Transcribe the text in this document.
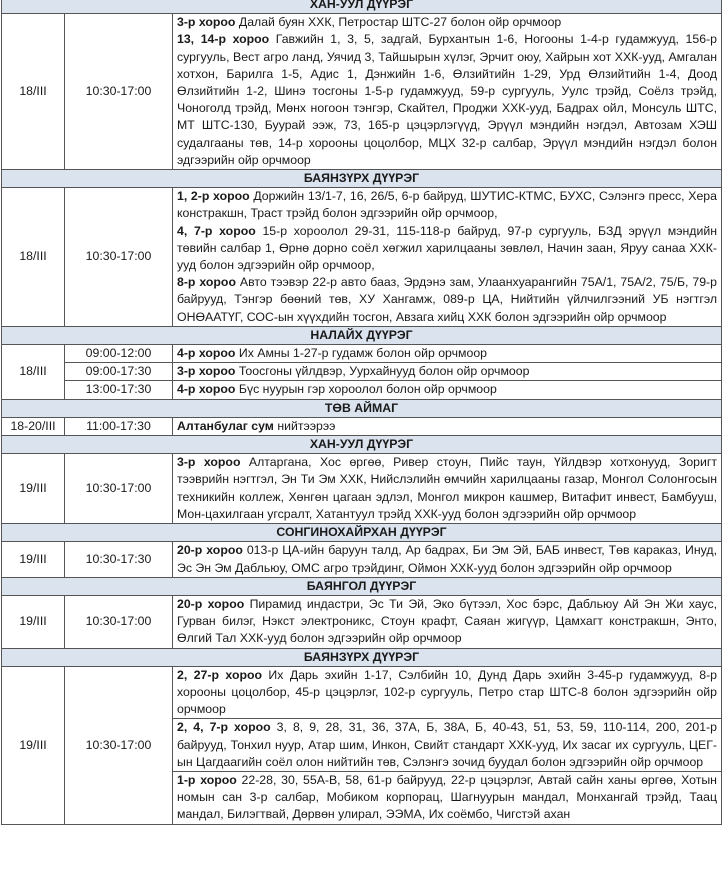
ХАН-УУЛ ДҮҮРЭГ		
18/III	10:30-17:00	3-р хороо Далай буян ХХК, Петростар ШТС-27 болон ойр орчмоор
13, 14-р хороо Гавжийн 1, 3, 5, задгай, Бурхантын 1-6, Ногооны 1-4-р гудамжууд, 156-р сургууль, Вест агро ланд, Уячид 3, Тайшырын хүлэг, Эрчит оюу, Хайрын хот ХХК-ууд, Амгалан хотхон, Барилга 1-5, Адис 1, Дэнжийн 1-6, Өлзийтийн 1-29, Урд Өлзийтийн 1-4, Доод Өлзийтийн 1-2, Шинэ тосгоны 1-5-р гудамжууд, 59-р сургууль, Уулс трэйд, Соёлз трэйд, Чоноголд трэйд, Мөнх ногоон тэнгэр, Скайтел, Проджи ХХК-ууд, Бадрах ойл, Монсуль ШТС, МТ ШТС-130, Буурай ээж, 73, 165-р цэцэрлэгүүд, Эрүүл мэндийн нэгдэл, Автозам ХЭШ судалгааны төв, 14-р хорооны цоцолбор, МЦХ 32-р салбар, Эрүүл мэндийн нэгдэл болон эдгээрийн ойр орчмоор
БАЯНЗҮРХ ДҮҮРЭГ		
18/III	10:30-17:00	1, 2-р хороо Доржийн 13/1-7, 16, 26/5, 6-р байруд, ШУТИС-КТМС, БУХС, Сэлэнгэ пресс, Хера констракшн, Траст трэйд болон эдгээрийн ойр орчмоор,
4, 7-р хороо 15-р хороолол 29-31, 115-118-р байруд, 97-р сургууль, БЗД эрүүл мэндийн төвийн салбар 1, Өрнө дорно соёл хөгжил харилцааны зөвлөл, Начин заан, Яруу санаа ХХК-ууд болон эдгээрийн ойр орчмоор,
8-р хороо Авто тээвэр 22-р авто бааз, Эрдэнэ зам, Улаанхуарангийн 75А/1, 75А/2, 75/Б, 79-р байрууд, Тэнгэр бөөний төв, ХУ Хангамж, 089-р ЦА, Нийтийн үйлчилгээний УБ нэгтгэл ОНӨААТҮГ, СОС-ын хүүхдийн тосгон, Авзага хийц ХХК болон эдгээрийн ойр орчмоор
НАЛАЙХ ДҮҮРЭГ		
18/III	09:00-12:00	4-р хороо Их Амны 1-27-р гудамж болон ойр орчмоор
	09:00-17:30	3-р хороо Тоосгоны үйлдвэр, Уурхайнууд болон ойр орчмоор
	13:00-17:30	4-р хороо Бүс нуурын гэр хороолол болон ойр орчмоор
ТӨВ АЙМАГ		
18-20/III	11:00-17:30	Алтанбулаг сум нийтээрээ
ХАН-УУЛ ДҮҮРЭГ		
19/III	10:30-17:00	3-р хороо Алтаргана, Хос өргөө, Ривер стоун, Пийс таун, Үйлдвэр хотхонууд, Зоригт тээврийн нэгтгэл, Эн Ти Эм ХХК, Нийслэлийн өмчийн харилцааны газар, Монгол Солонгосын техникийн коллеж, Хөнгөн цагаан эдлэл, Монгол микрон кашмер, Витафит инвест, Бамбууш, Мон-цахилгаан угсралт, Хатантуул трэйд ХХК-ууд болон эдгээрийн ойр орчмоор
СОНГИНОХАЙРХАН ДҮҮРЭГ		
19/III	10:30-17:30	20-р хороо 013-р ЦА-ийн баруун талд, Ар бадрах, Би Эм Эй, БАБ инвест, Төв караказ, Инуд, Эс Эн Эм Дабльюу, ОМС агро трэйдинг, Оймон ХХК-ууд болон эдгээрийн ойр орчмоор
БАЯНГОЛ ДҮҮРЭГ		
19/III	10:30-17:00	20-р хороо Пирамид индастри, Эс Ти Эй, Эко бүтээл, Хос бэрс, Дабльюу Ай Эн Жи хаус, Гурван билэг, Нэкст электроникс, Стоун крафт, Саяан жигүүр, Цамхагт констракшн, Энто, Өлгий Тал ХХК-ууд болон эдгээрийн ойр орчмоор
БАЯНЗҮРХ ДҮҮРЭГ		
19/III	10:30-17:00	2, 27-р хороо Их Дарь эхийн 1-17, Сэлбийн 10, Дунд Дарь эхийн 3-45-р гудамжууд, 8-р хорооны цоцолбор, 45-р цэцэрлэг, 102-р сургууль, Петро стар ШТС-8 болон эдгээрийн ойр орчмоор
		2, 4, 7-р хороо 3, 8, 9, 28, 31, 36, 37А, Б, 38А, Б, 40-43, 51, 53, 59, 110-114, 200, 201-р байрууд, Тонхил нуур, Атар шим, Инкон, Свийт стандарт ХХК-ууд, Их засаг их сургууль, ЦЕГ-ын Цагдаагийн соёл олон нийтийн төв, Сэлэнгэ зочид буудал болон эдгээрийн ойр орчмоор
		1-р хороо 22-28, 30, 55А-В, 58, 61-р байрууд, 22-р цэцэрлэг, Автай сайн ханы өргөө, Хотын номын сан 3-р салбар, Мобиком корпорац, Шагнуурын мандал, Монхангай трэйд, Таац мандал, Билэгтвай, Дөрвөн улирал, ЭЭМА, Их соёмбо, Чигстэй ахан
